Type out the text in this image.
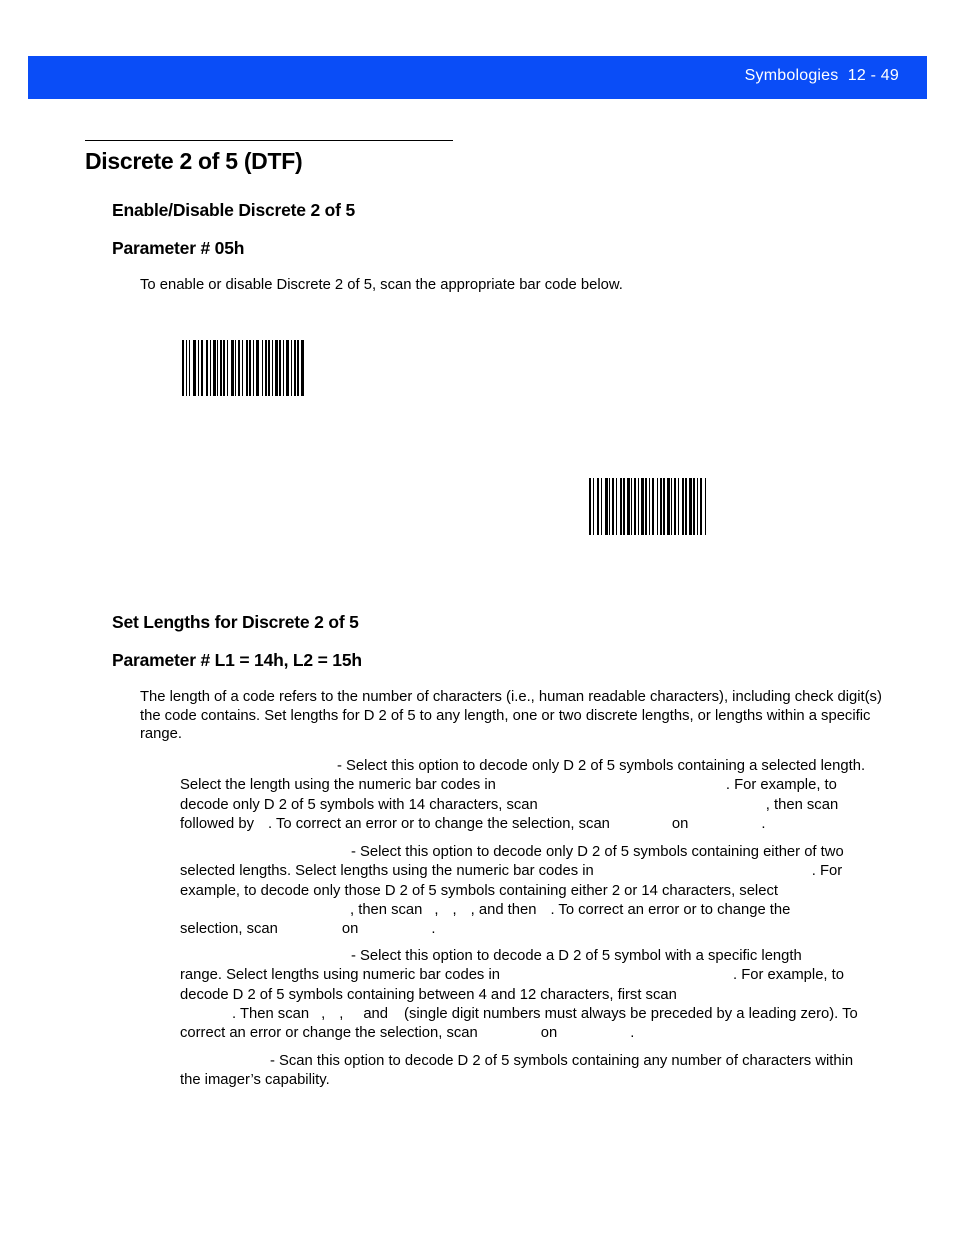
Symbologies 12 - 49
Discrete 2 of 5 (DTF)
Enable/Disable Discrete 2 of 5
Parameter # 05h

To enable or disable Discrete 2 of 5, scan the appropriate bar code below.

Set Lengths for Discrete 2 of 5
Parameter # L1 = 14h, L2 = 15h

The length of a code refers to the number of characters (i.e., human readable characters), including check digit(s) the code contains. Set lengths for D 2 of 5 to any length, one or two discrete lengths, or lengths within a specific range.

- Select this option to decode only D 2 of 5 symbols containing a selected length.
Select the length using the numeric bar codes in	. For example, to
decode only D 2 of 5 symbols with 14 characters, scan	, then scan
followed by . To correct an error or to change the selection, scan	on	.
- Select this option to decode only D 2 of 5 symbols containing either of two
selected lengths. Select lengths using the numeric bar codes in	. For
example, to decode only those D 2 of 5 symbols containing either 2 or 14 characters, select
, then scan , , , and then . To correct an error or to change the
selection, scan	on	.
- Select this option to decode a D 2 of 5 symbol with a specific length
range. Select lengths using numeric bar codes in	. For example, to
decode D 2 of 5 symbols containing between 4 and 12 characters, first scan
. Then scan , , and (single digit numbers must always be preceded by a leading zero). To
correct an error or change the selection, scan	on	.
- Scan this option to decode D 2 of 5 symbols containing any number of characters within
the imager’s capability.
